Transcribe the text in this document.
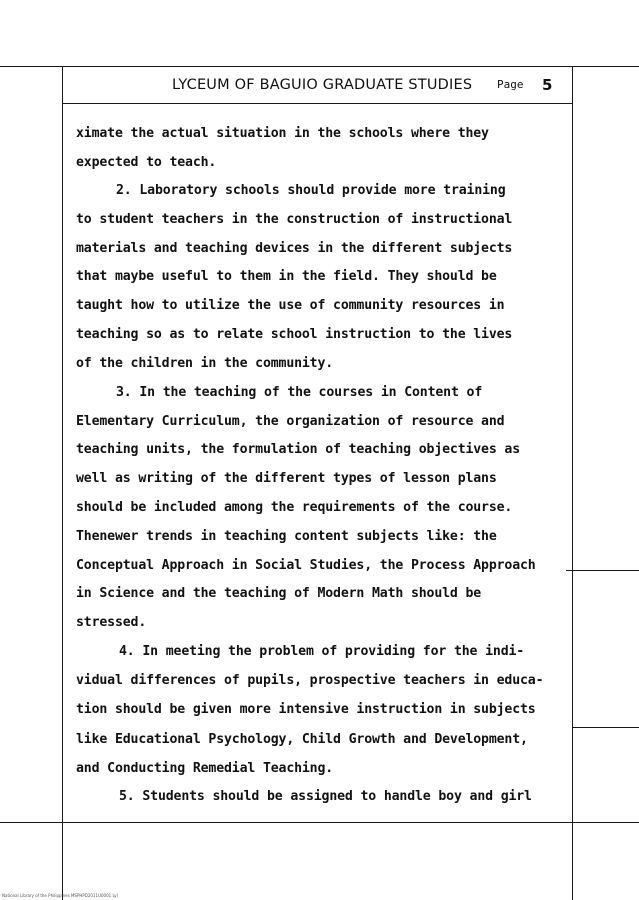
LYCEUM OF BAGUIO GRADUATE STUDIES Page 5
ximate the actual situation in the schools where they
expected to teach.
2. Laboratory schools should provide more training
to student teachers in the construction of instructional
materials and teaching devices in the different subjects
that maybe useful to them in the field. They should be
taught how to utilize the use of community resources in
teaching so as to relate school instruction to the lives
of the children in the community.
3. In the teaching of the courses in Content of
Elementary Curriculum, the organization of resource and
teaching units, the formulation of teaching objectives as
well as writing of the different types of lesson plans
should be included among the requirements of the course.
Thenewer trends in teaching content subjects like: the
Conceptual Approach in Social Studies, the Process Approach
in Science and the teaching of Modern Math should be
stressed.
4. In meeting the problem of providing for the indi-
vidual differences of pupils, prospective teachers in educa-
tion should be given more intensive instruction in subjects
like Educational Psychology, Child Growth and Development,
and Conducting Remedial Teaching.
5. Students should be assigned to handle boy and girl
National Library of the Philippines MSPHPD2011U0001 Lyl
